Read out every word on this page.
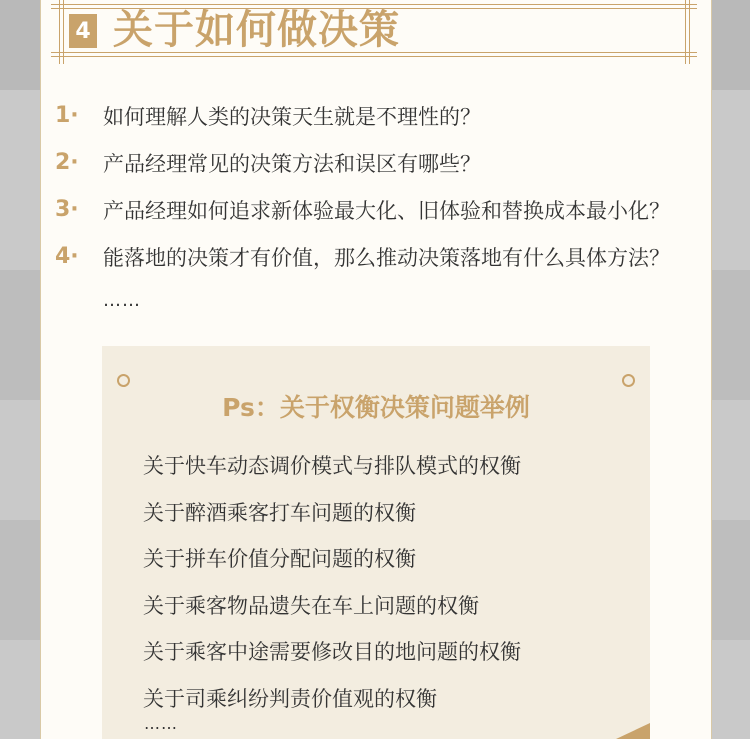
4 关于如何做决策
1·	如何理解人类的决策天生就是不理性的？
2·	产品经理常见的决策方法和误区有哪些？
3·	产品经理如何追求新体验最大化、旧体验和替换成本最小化？
4·	能落地的决策才有价值，那么推动决策落地有什么具体方法？
……
Ps：关于权衡决策问题举例
关于快车动态调价模式与排队模式的权衡
关于醉酒乘客打车问题的权衡
关于拼车价值分配问题的权衡
关于乘客物品遗失在车上问题的权衡
关于乘客中途需要修改目的地问题的权衡
关于司乘纠纷判责价值观的权衡
……
